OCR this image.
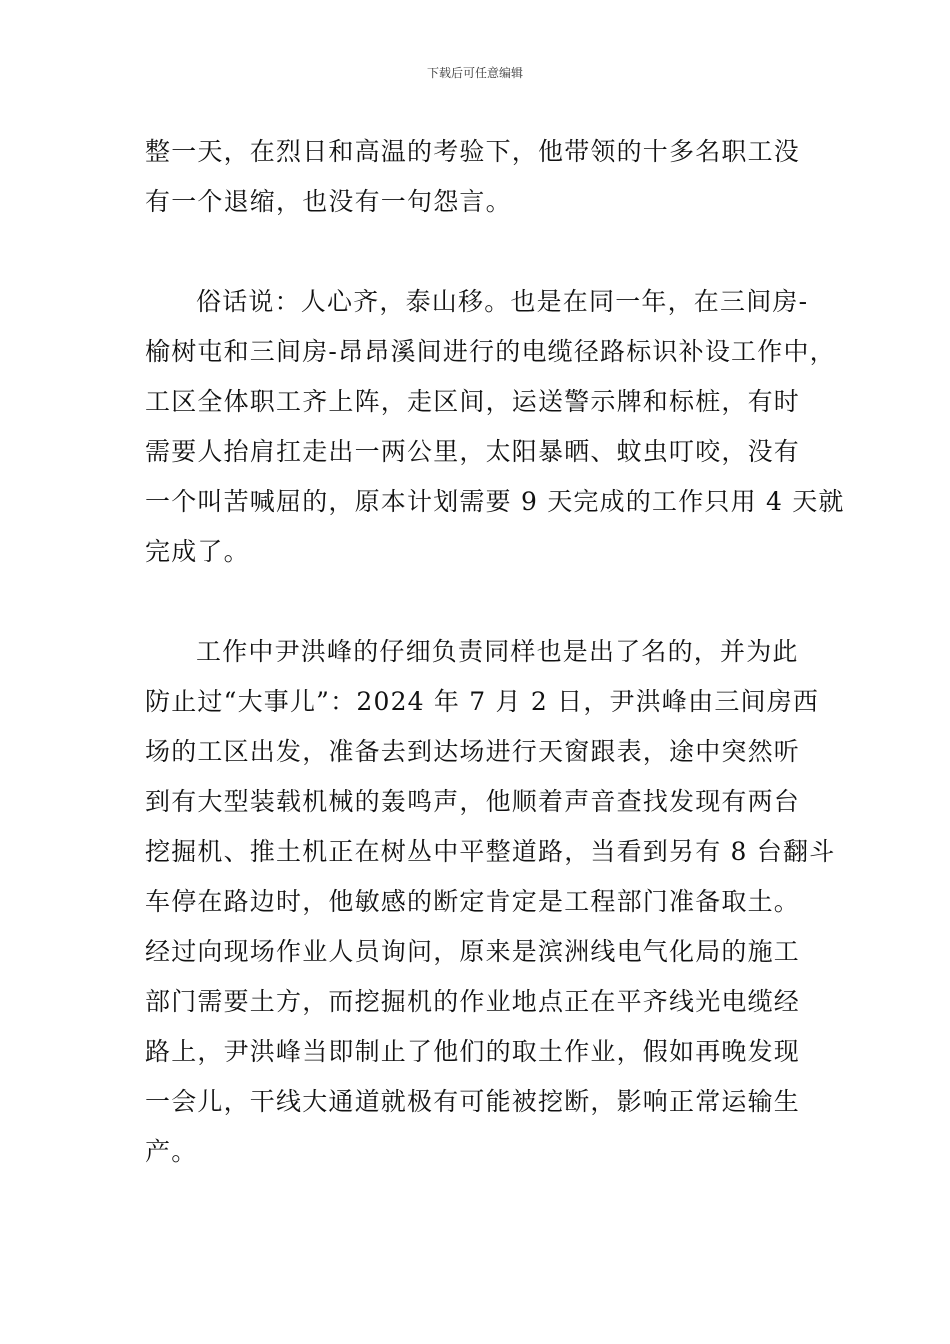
下载后可任意编辑
整一天，在烈日和高温的考验下，他带领的十多名职工没
有一个退缩，也没有一句怨言。
俗话说：人心齐，泰山移。也是在同一年，在三间房-
榆树屯和三间房-昂昂溪间进行的电缆径路标识补设工作中，
工区全体职工齐上阵，走区间，运送警示牌和标桩，有时
需要人抬肩扛走出一两公里，太阳暴晒、蚊虫叮咬，没有
一个叫苦喊屈的，原本计划需要 9 天完成的工作只用 4 天就
完成了。
工作中尹洪峰的仔细负责同样也是出了名的，并为此
防止过“大事儿”：2024 年 7 月 2 日，尹洪峰由三间房西
场的工区出发，准备去到达场进行天窗跟表，途中突然听
到有大型装载机械的轰鸣声，他顺着声音查找发现有两台
挖掘机、推土机正在树丛中平整道路，当看到另有 8 台翻斗
车停在路边时，他敏感的断定肯定是工程部门准备取土。
经过向现场作业人员询问，原来是滨洲线电气化局的施工
部门需要土方，而挖掘机的作业地点正在平齐线光电缆经
路上，尹洪峰当即制止了他们的取土作业，假如再晚发现
一会儿，干线大通道就极有可能被挖断，影响正常运输生
产。
